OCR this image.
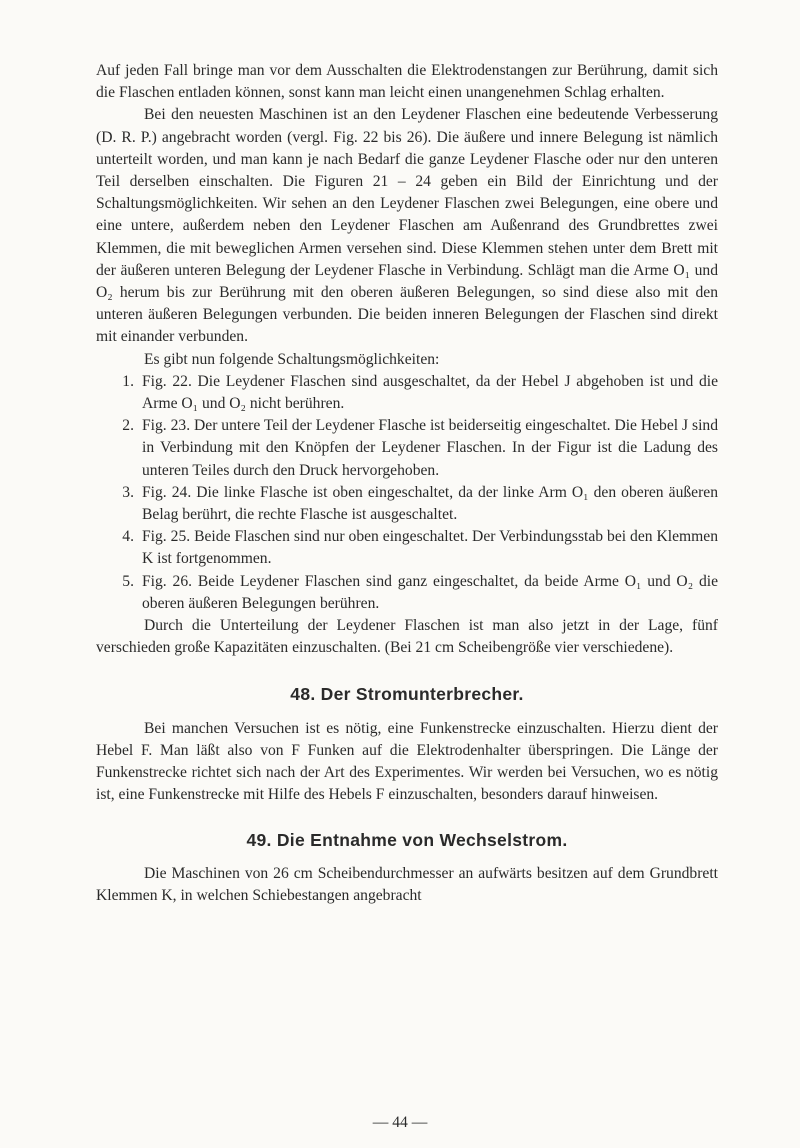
Auf jeden Fall bringe man vor dem Ausschalten die Elektrodenstangen zur Berührung, damit sich die Flaschen entladen können, sonst kann man leicht einen unangenehmen Schlag erhalten.

Bei den neuesten Maschinen ist an den Leydener Flaschen eine bedeutende Verbesserung (D. R. P.) angebracht worden (vergl. Fig. 22 bis 26). Die äußere und innere Belegung ist nämlich unterteilt worden, und man kann je nach Bedarf die ganze Leydener Flasche oder nur den unteren Teil derselben einschalten. Die Figuren 21 – 24 geben ein Bild der Einrichtung und der Schaltungsmöglichkeiten. Wir sehen an den Leydener Flaschen zwei Belegungen, eine obere und eine untere, außerdem neben den Leydener Flaschen am Außenrand des Grundbrettes zwei Klemmen, die mit beweglichen Armen versehen sind. Diese Klemmen stehen unter dem Brett mit der äußeren unteren Belegung der Leydener Flasche in Verbindung. Schlägt man die Arme O₁ und O₂ herum bis zur Berührung mit den oberen äußeren Belegungen, so sind diese also mit den unteren äußeren Belegungen verbunden. Die beiden inneren Belegungen der Flaschen sind direkt mit einander verbunden.

Es gibt nun folgende Schaltungsmöglichkeiten:

1. Fig. 22. Die Leydener Flaschen sind ausgeschaltet, da der Hebel J abgehoben ist und die Arme O₁ und O₂ nicht berühren.
2. Fig. 23. Der untere Teil der Leydener Flasche ist beiderseitig eingeschaltet. Die Hebel J sind in Verbindung mit den Knöpfen der Leydener Flaschen. In der Figur ist die Ladung des unteren Teiles durch den Druck hervorgehoben.
3. Fig. 24. Die linke Flasche ist oben eingeschaltet, da der linke Arm O₁ den oberen äußeren Belag berührt, die rechte Flasche ist ausgeschaltet.
4. Fig. 25. Beide Flaschen sind nur oben eingeschaltet. Der Verbindungsstab bei den Klemmen K ist fortgenommen.
5. Fig. 26. Beide Leydener Flaschen sind ganz eingeschaltet, da beide Arme O₁ und O₂ die oberen äußeren Belegungen berühren.

Durch die Unterteilung der Leydener Flaschen ist man also jetzt in der Lage, fünf verschieden große Kapazitäten einzuschalten. (Bei 21 cm Scheibengröße vier verschiedene).

48. Der Stromunterbrecher.

Bei manchen Versuchen ist es nötig, eine Funkenstrecke einzuschalten. Hierzu dient der Hebel F. Man läßt also von F Funken auf die Elektrodenhalter überspringen. Die Länge der Funkenstrecke richtet sich nach der Art des Experimentes. Wir werden bei Versuchen, wo es nötig ist, eine Funkenstrecke mit Hilfe des Hebels F einzuschalten, besonders darauf hinweisen.

49. Die Entnahme von Wechselstrom.

Die Maschinen von 26 cm Scheibendurchmesser an aufwärts besitzen auf dem Grundbrett Klemmen K, in welchen Schiebestangen angebracht

— 44 —
